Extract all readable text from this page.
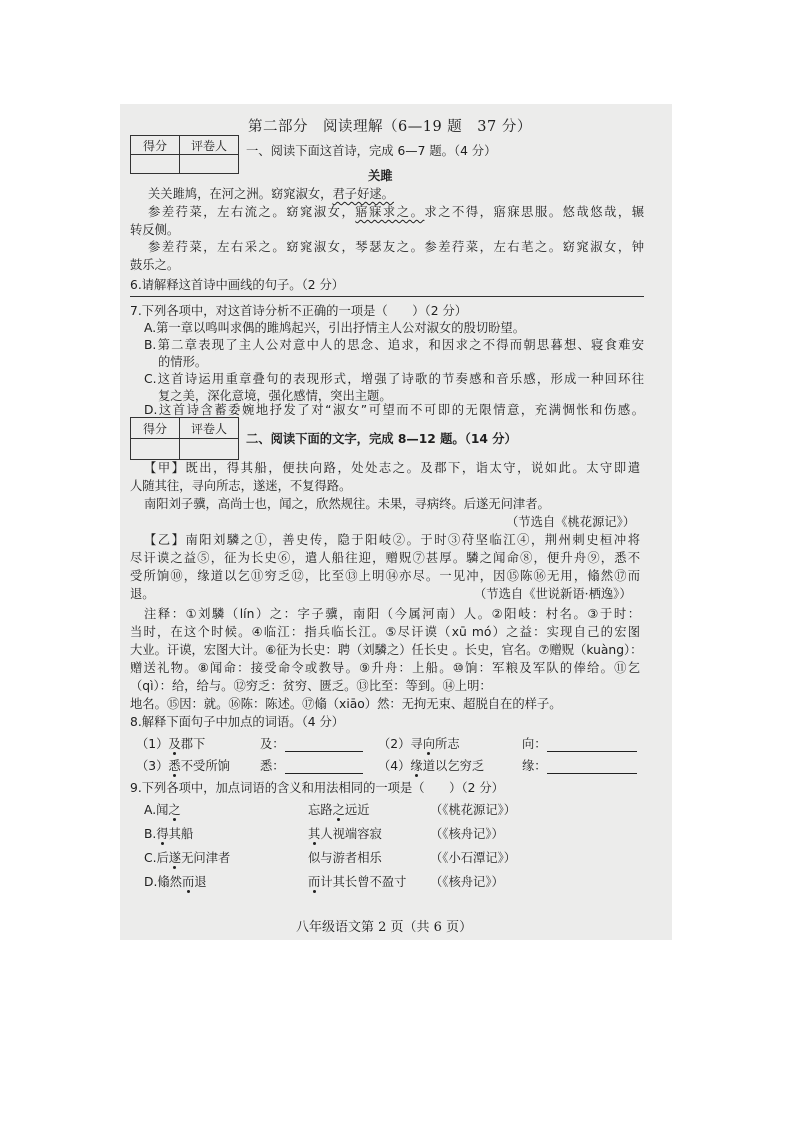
第二部分　阅读理解（6—19 题　37 分）
得分	评卷人
	一、阅读下面这首诗，完成 6—7 题。（4 分）
关雎
关关雎鸠，在河之洲。窈窕淑女，君子好逑。
参差荇菜，左右流之。窈窕淑女，寤寐求之。求之不得，寤寐思服。悠哉悠哉，辗
转反侧。
参差荇菜，左右采之。窈窕淑女，琴瑟友之。参差荇菜，左右芼之。窈窕淑女，钟
鼓乐之。
6.请解释这首诗中画线的句子。（2 分）
7.下列各项中，对这首诗分析不正确的一项是（　　）（2 分）
A.第一章以鸣叫求偶的雎鸠起兴，引出抒情主人公对淑女的殷切盼望。
B.第二章表现了主人公对意中人的思念、追求，和因求之不得而朝思暮想、寝食难安
的情形。
C.这首诗运用重章叠句的表现形式，增强了诗歌的节奏感和音乐感，形成一种回环往
复之美，深化意境，强化感情，突出主题。
D.这首诗含蓄委婉地抒发了对“淑女”可望而不可即的无限情意，充满惆怅和伤感。
得分	评卷人

二、阅读下面的文字，完成 8—12 题。（14 分）
【甲】既出，得其船，便扶向路，处处志之。及郡下，诣太守，说如此。太守即遣
人随其往，寻向所志，遂迷，不复得路。
南阳刘子骥，高尚士也，闻之，欣然规往。未果，寻病终。后遂无问津者。
（节选自《桃花源记》）
【乙】南阳刘驎之①，善史传，隐于阳岐②。于时③苻坚临江④，荆州刺史桓冲将
尽讦谟之益⑤，征为长史⑥，遣人船往迎，赠贶⑦甚厚。驎之闻命⑧，便升舟⑨，悉不
受所饷⑩，缘道以乞⑪穷乏⑫，比至⑬上明⑭亦尽。一见冲，因⑮陈⑯无用，翛然⑰而
退。	（节选自《世说新语·栖逸》）
注释：①刘驎（lín）之：字子骥，南阳（今属河南）人。②阳岐：村名。③于时：
当时，在这个时候。④临江：指兵临长江。⑤尽讦谟（xū mó）之益：实现自己的宏图
大业。讦谟，宏图大计。⑥征为长史：聘（刘驎之）任长史 。长史，官名。⑦赠贶（kuàng）：
赠送礼物。⑧闻命：接受命令或教导。⑨升舟：上船。⑩饷：军粮及军队的俸给。⑪乞
（qì）：给，给与。⑫穷乏：贫穷、匮乏。⑬比至：等到。⑭上明：
地名。⑮因：就。⑯陈：陈述。⑰翛（xiāo）然：无拘无束、超脱自在的样子。
8.解释下面句子中加点的词语。（4 分）
（1）及郡下	及：	（2）寻向所志	向：
（3）悉不受所饷 悉：	（4）缘道以乞穷乏	缘：
9.下列各项中，加点词语的含义和用法相同的一项是（　　）（2 分）
A.闻之	忘路之远近	（《桃花源记》）
B.得其船	其人视端容寂	（《核舟记》）
C.后遂无问津者	似与游者相乐	（《小石潭记》）
D.翛然而退	而计其长曾不盈寸 （《核舟记》）
八年级语文第 2 页（共 6 页）
